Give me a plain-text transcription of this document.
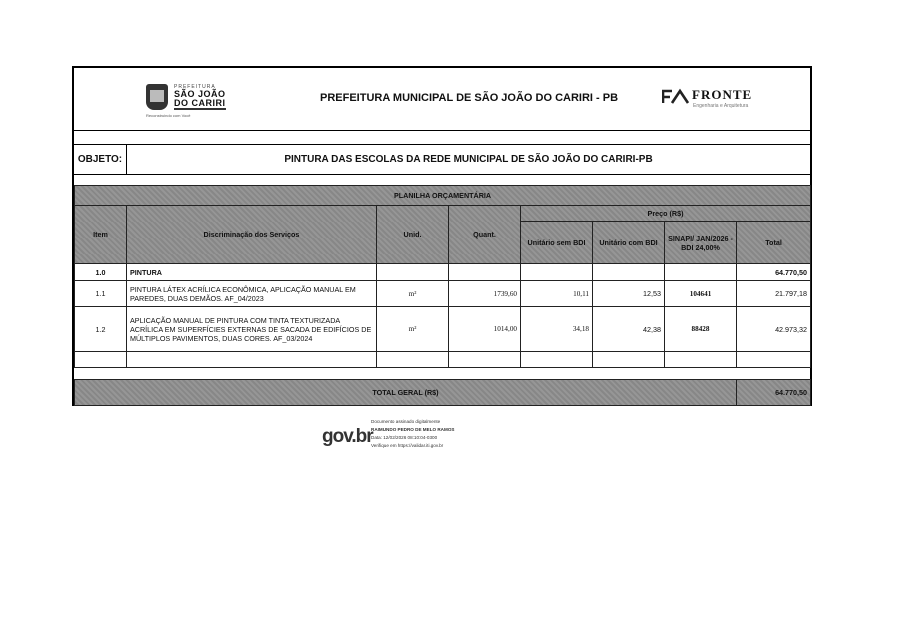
PREFEITURA
SÃO JOÃO
DO CARIRI
Reconstruindo com Você
PREFEITURA MUNICIPAL DE SÃO JOÃO DO CARIRI - PB	FRONTE
Engenharia e Arquitetura
OBJETO:	PINTURA DAS ESCOLAS DA REDE MUNICIPAL DE SÃO JOÃO DO CARIRI-PB
PLANILHA ORÇAMENTÁRIA							
Item	Discriminação dos Serviços	Unid.	Quant.	Preço (R$)			
				Unitário sem BDI	Unitário com BDI	SINAPI/ JAN/2026 - BDI 24,00%	Total
1.0	PINTURA						64.770,50
1.1	PINTURA LÁTEX ACRÍLICA ECONÔMICA, APLICAÇÃO MANUAL EM PAREDES, DUAS DEMÃOS. AF_04/2023	m²	1739,60	10,11	12,53	104641	21.797,18
1.2	APLICAÇÃO MANUAL DE PINTURA COM TINTA TEXTURIZADA ACRÍLICA EM SUPERFÍCIES EXTERNAS DE SACADA DE EDIFÍCIOS DE MÚLTIPLOS PAVIMENTOS, DUAS CORES. AF_03/2024	m²	1014,00	34,18	42,38	88428	42.973,32

TOTAL GERAL (R$)							64.770,50
gov.br
Documento assinado digitalmente
RAIMUNDO PEDRO DE MELO RAMOS
Data: 12/02/2026 08:10:04-0300
Verifique em https://validar.iti.gov.br
